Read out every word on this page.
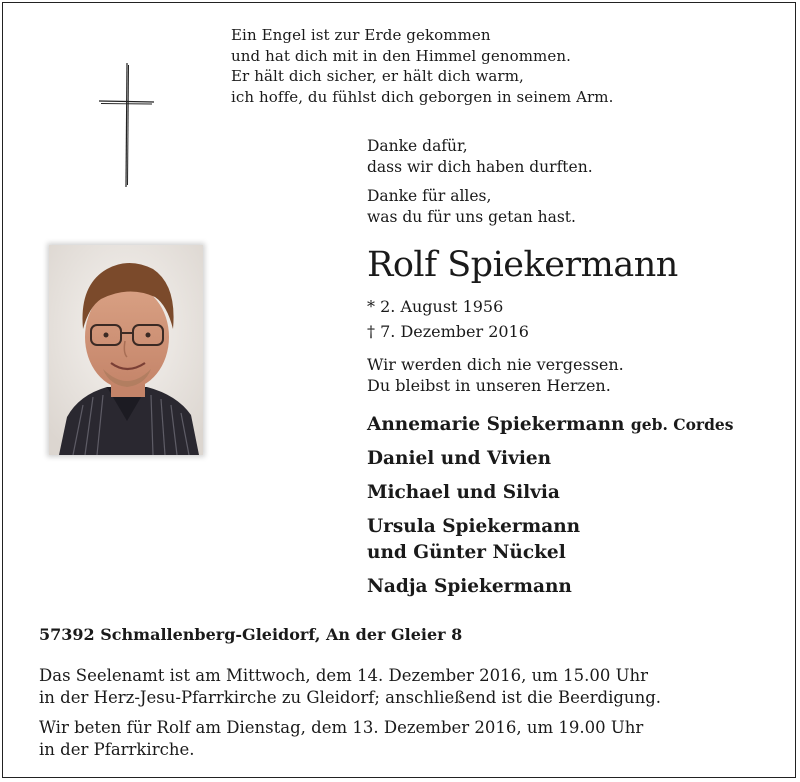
Ein Engel ist zur Erde gekommen
und hat dich mit in den Himmel genommen.
Er hält dich sicher, er hält dich warm,
ich hoffe, du fühlst dich geborgen in seinem Arm.
Danke dafür,
dass wir dich haben durften.
Danke für alles,
was du für uns getan hast.
Rolf Spiekermann
* 2. August 1956
† 7. Dezember 2016
Wir werden dich nie vergessen.
Du bleibst in unseren Herzen.
Annemarie Spiekermann geb. Cordes
Daniel und Vivien
Michael und Silvia
Ursula Spiekermann
und Günter Nückel
Nadja Spiekermann
57392 Schmallenberg-Gleidorf, An der Gleier 8
Das Seelenamt ist am Mittwoch, dem 14. Dezember 2016, um 15.00 Uhr
in der Herz-Jesu-Pfarrkirche zu Gleidorf; anschließend ist die Beerdigung.
Wir beten für Rolf am Dienstag, dem 13. Dezember 2016, um 19.00 Uhr
in der Pfarrkirche.
